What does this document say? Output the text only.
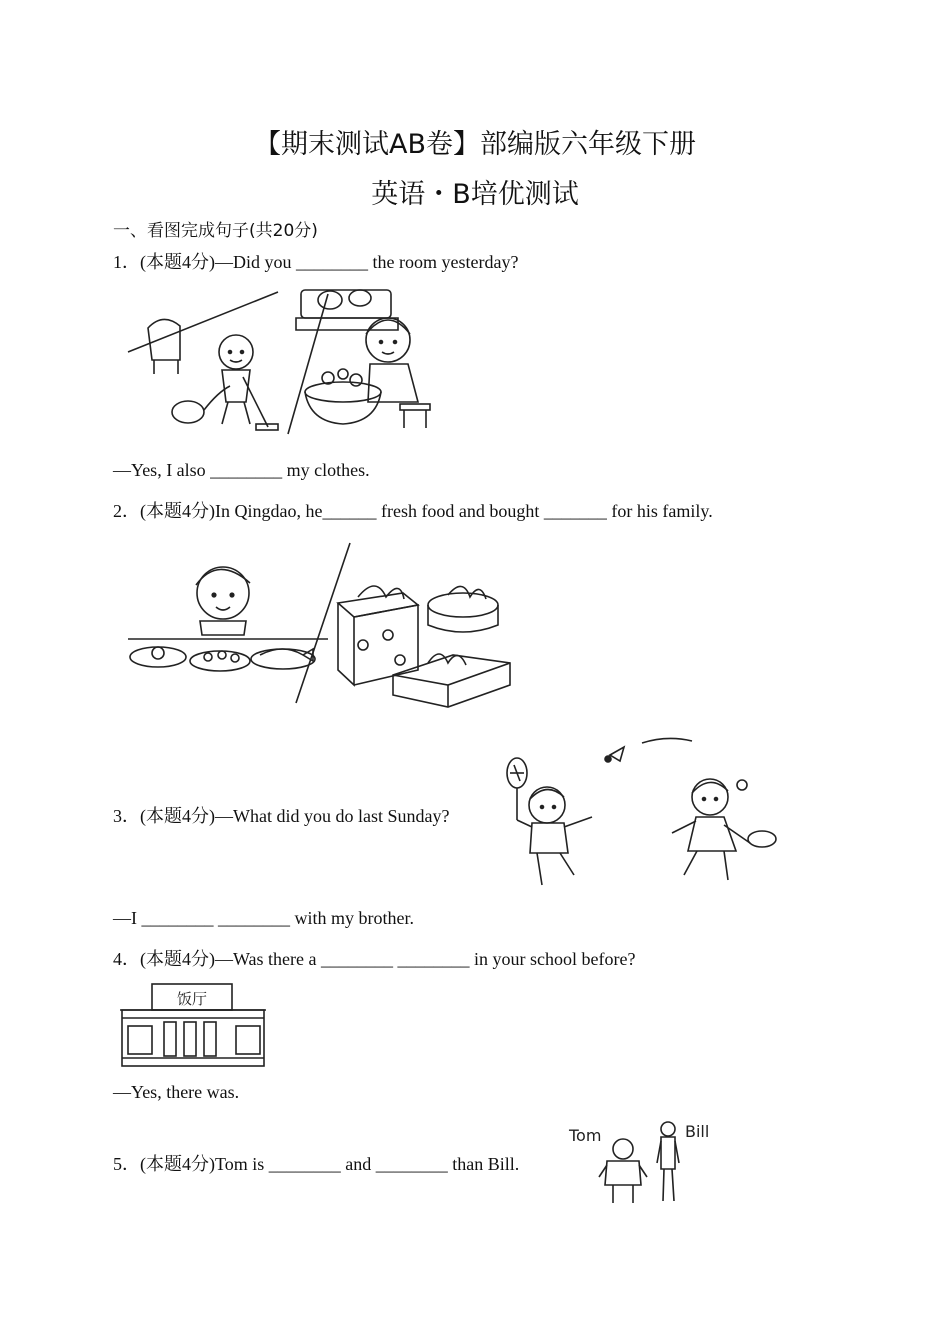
【期末测试AB卷】部编版六年级下册
英语・B培优测试
一、看图完成句子(共20分)
1．(本题4分)—Did you ________ the room yesterday?
—Yes, I also ________ my clothes.
2．(本题4分)In Qingdao, he______ fresh food and bought _______ for his family.
3．(本题4分)—What did you do last Sunday?
—I ________ ________ with my brother.
4．(本题4分)—Was there a ________ ________ in your school before?
饭厅
—Yes, there was.
5．(本题4分)Tom is ________ and ________ than Bill.
Tom	Bill
